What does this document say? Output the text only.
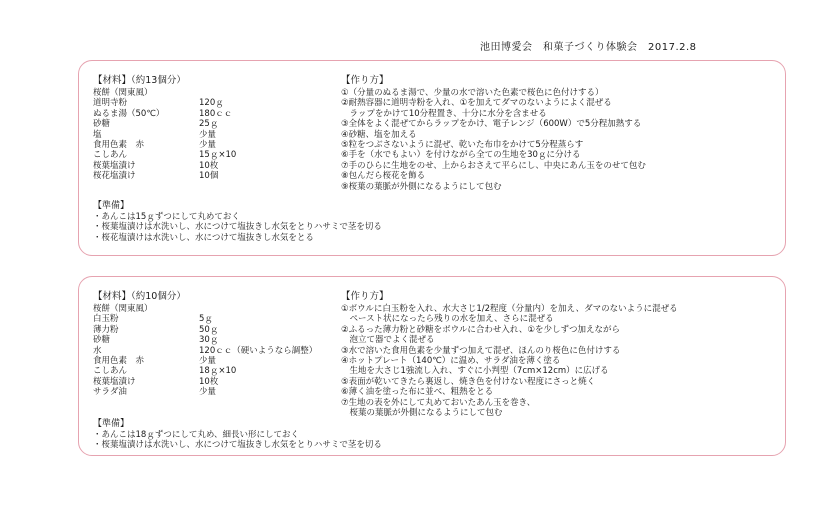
池田博愛会　和菓子づくり体験会　2017.2.8
【材料】（約13個分）	【作り方】
桜餅（関東風）
道明寺粉	120ｇ
ぬるま湯（50℃）	180ｃｃ
砂糖	25ｇ
塩	少量
食用色素　赤	少量
こしあん	15ｇ×10
桜葉塩漬け	10枚
桜花塩漬け	10個
①（分量のぬるま湯で、少量の水で溶いた色素で桜色に色付けする）
②耐熱容器に道明寺粉を入れ、①を加えてダマのないようによく混ぜる
　ラップをかけて10分程置き、十分に水分を含ませる
③全体をよく混ぜてからラップをかけ、電子レンジ（600W）で5分程加熱する
④砂糖、塩を加える
⑤粒をつぶさないように混ぜ、乾いた布巾をかけて5分程蒸らす
⑥手を（水でもよい）を付けながら全ての生地を30ｇに分ける
⑦手のひらに生地をのせ、上からおさえて平らにし、中央にあん玉をのせて包む
⑧包んだら桜花を飾る
⑨桜葉の葉脈が外側になるようにして包む
【準備】
・あんこは15ｇずつにして丸めておく
・桜葉塩漬けは水洗いし、水につけて塩抜きし水気をとりハサミで茎を切る
・桜花塩漬けは水洗いし、水につけて塩抜きし水気をとる
【材料】（約10個分）	【作り方】
桜餅（関東風）
白玉粉	5ｇ
薄力粉	50ｇ
砂糖	30ｇ
水	120ｃｃ（硬いようなら調整）
食用色素　赤	少量
こしあん	18ｇ×10
桜葉塩漬け	10枚
サラダ油	少量
①ボウルに白玉粉を入れ、水大さじ1/2程度（分量内）を加え、ダマのないように混ぜる
　ペースト状になったら残りの水を加え、さらに混ぜる
②ふるった薄力粉と砂糖をボウルに合わせ入れ、①を少しずつ加えながら
　泡立て器でよく混ぜる
③水で溶いた食用色素を少量ずつ加えて混ぜ、ほんのり桜色に色付けする
④ホットプレート（140℃）に温め、サラダ油を薄く塗る
　生地を大さじ1強流し入れ、すぐに小判型（7cm×12cm）に広げる
⑤表面が乾いてきたら裏返し、焼き色を付けない程度にさっと焼く
⑥薄く油を塗った布に並べ、粗熱をとる
⑦生地の表を外にして丸めておいたあん玉を巻き、
　桜葉の葉脈が外側になるようにして包む
【準備】
・あんこは18ｇずつにして丸め、細長い形にしておく
・桜葉塩漬けは水洗いし、水につけて塩抜きし水気をとりハサミで茎を切る
